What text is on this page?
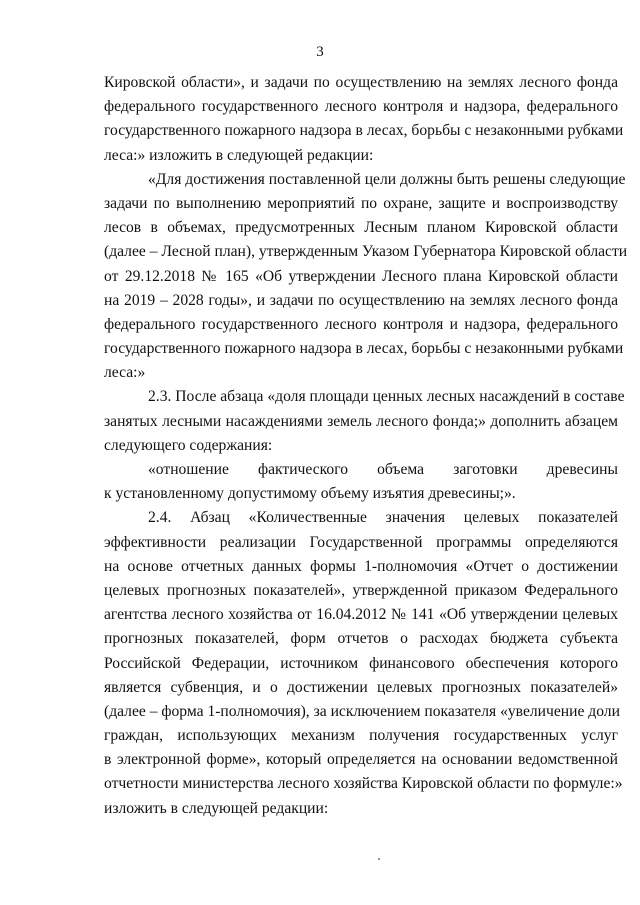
3
Кировской области», и задачи по осуществлению на землях лесного фонда
федерального государственного лесного контроля и надзора, федерального
государственного пожарного надзора в лесах, борьбы с незаконными рубками
леса:» изложить в следующей редакции:
«Для достижения поставленной цели должны быть решены следующие
задачи по выполнению мероприятий по охране, защите и воспроизводству
лесов в объемах, предусмотренных Лесным планом Кировской области
(далее – Лесной план), утвержденным Указом Губернатора Кировской области
от 29.12.2018 № 165 «Об утверждении Лесного плана Кировской области
на 2019 – 2028 годы», и задачи по осуществлению на землях лесного фонда
федерального государственного лесного контроля и надзора, федерального
государственного пожарного надзора в лесах, борьбы с незаконными рубками
леса:»
2.3. После абзаца «доля площади ценных лесных насаждений в составе
занятых лесными насаждениями земель лесного фонда;» дополнить абзацем
следующего содержания:
«отношение фактического объема заготовки древесины
к установленному допустимому объему изъятия древесины;».
2.4. Абзац «Количественные значения целевых показателей
эффективности реализации Государственной программы определяются
на основе отчетных данных формы 1-полномочия «Отчет о достижении
целевых прогнозных показателей», утвержденной приказом Федерального
агентства лесного хозяйства от 16.04.2012 № 141 «Об утверждении целевых
прогнозных показателей, форм отчетов о расходах бюджета субъекта
Российской Федерации, источником финансового обеспечения которого
является субвенция, и о достижении целевых прогнозных показателей»
(далее – форма 1-полномочия), за исключением показателя «увеличение доли
граждан, использующих механизм получения государственных услуг
в электронной форме», который определяется на основании ведомственной
отчетности министерства лесного хозяйства Кировской области по формуле:»
изложить в следующей редакции:
